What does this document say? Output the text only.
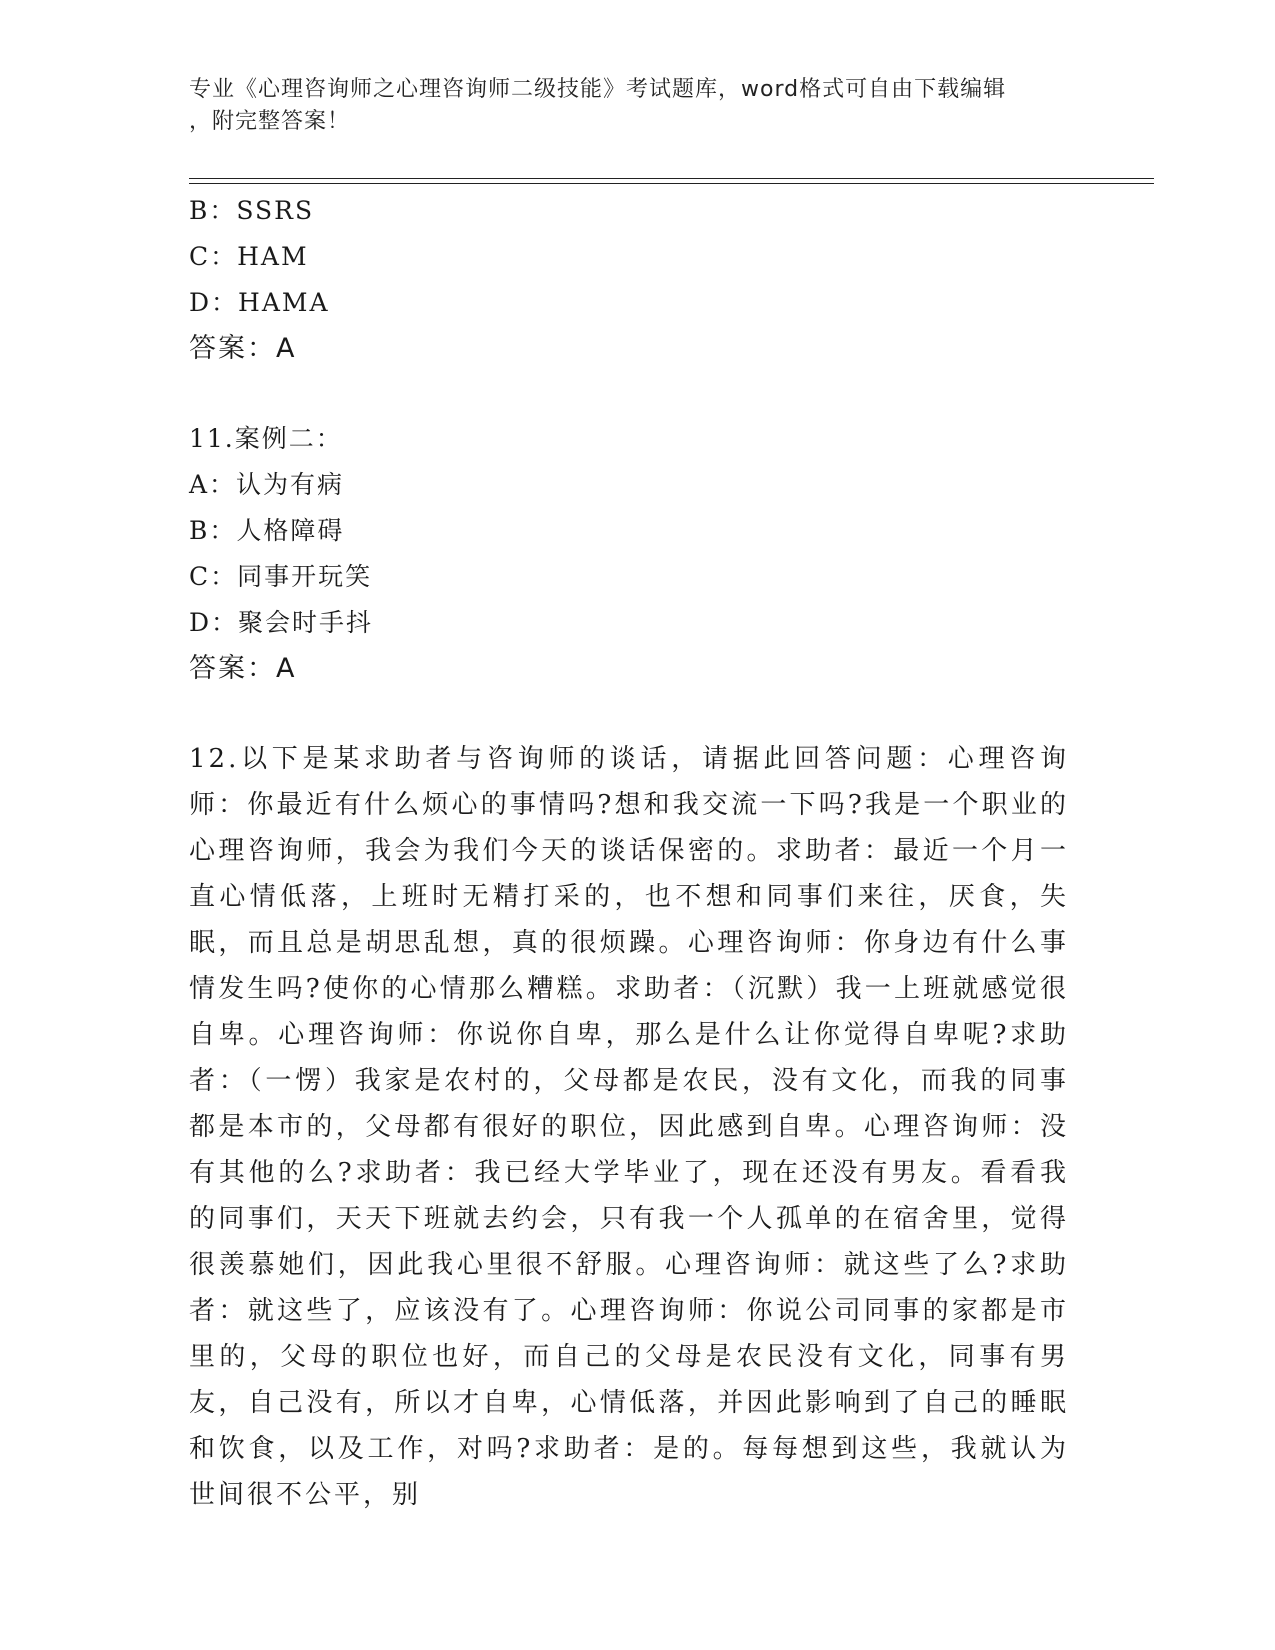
专业《心理咨询师之心理咨询师二级技能》考试题库，word格式可自由下载编辑
，附完整答案！
B：SSRS
C：HAM
D：HAMA
答案：A
11.案例二：
A：认为有病
B：人格障碍
C：同事开玩笑
D：聚会时手抖
答案：A

12.以下是某求助者与咨询师的谈话，请据此回答问题：心理咨询师：你最近有什么烦心的事情吗?想和我交流一下吗?我是一个职业的心理咨询师，我会为我们今天的谈话保密的。求助者：最近一个月一直心情低落，上班时无精打采的，也不想和同事们来往，厌食，失眠，而且总是胡思乱想，真的很烦躁。心理咨询师：你身边有什么事情发生吗?使你的心情那么糟糕。求助者：（沉默）我一上班就感觉很自卑。心理咨询师：你说你自卑，那么是什么让你觉得自卑呢?求助者：（一愣）我家是农村的，父母都是农民，没有文化，而我的同事都是本市的，父母都有很好的职位，因此感到自卑。心理咨询师：没有其他的么?求助者：我已经大学毕业了，现在还没有男友。看看我的同事们，天天下班就去约会，只有我一个人孤单的在宿舍里，觉得很羡慕她们，因此我心里很不舒服。心理咨询师：就这些了么?求助者：就这些了，应该没有了。心理咨询师：你说公司同事的家都是市里的，父母的职位也好，而自己的父母是农民没有文化，同事有男友，自己没有，所以才自卑，心情低落，并因此影响到了自己的睡眠和饮食，以及工作，对吗?求助者：是的。每每想到这些，我就认为世间很不公平，别
